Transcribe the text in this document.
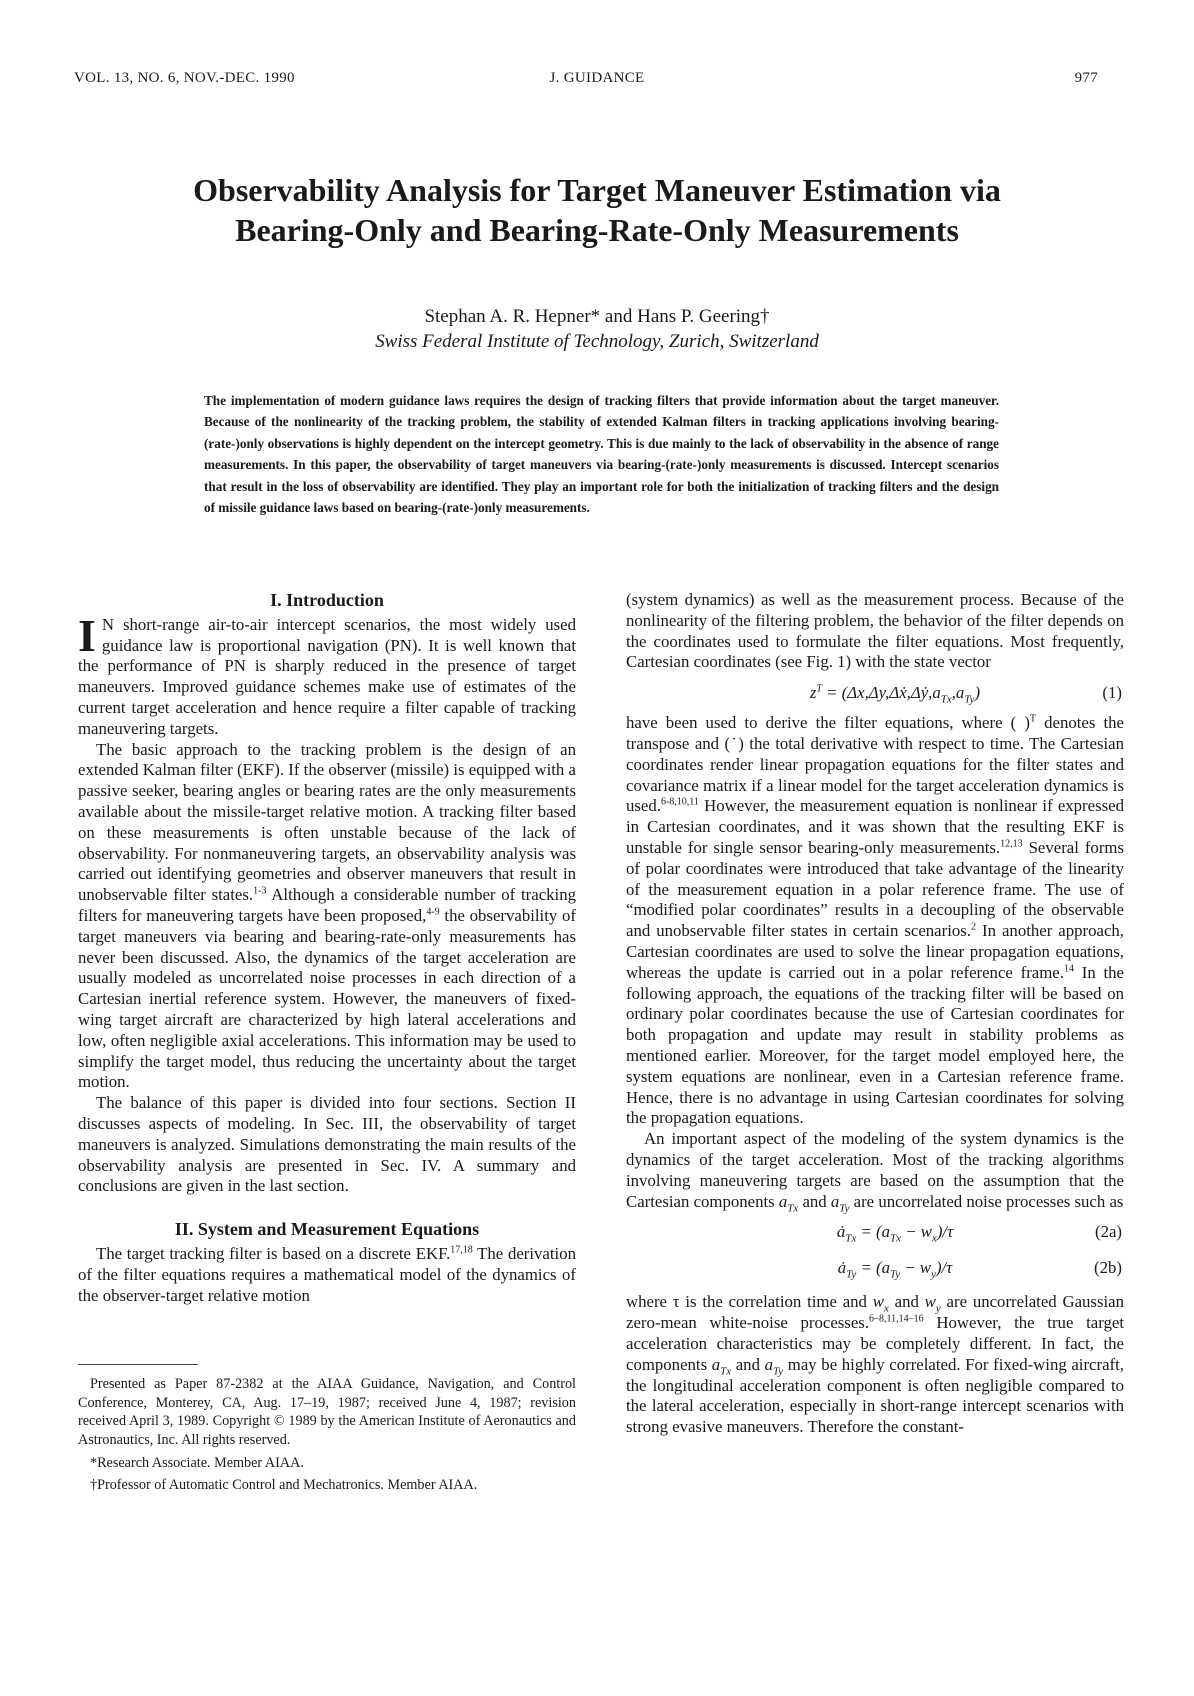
VOL. 13, NO. 6, NOV.-DEC. 1990	J. GUIDANCE	977
Observability Analysis for Target Maneuver Estimation via
Bearing-Only and Bearing-Rate-Only Measurements
Stephan A. R. Hepner* and Hans P. Geering†
Swiss Federal Institute of Technology, Zurich, Switzerland
The implementation of modern guidance laws requires the design of tracking filters that provide information about the target maneuver. Because of the nonlinearity of the tracking problem, the stability of extended Kalman filters in tracking applications involving bearing-(rate-)only observations is highly dependent on the intercept geometry. This is due mainly to the lack of observability in the absence of range measurements. In this paper, the observability of target maneuvers via bearing-(rate-)only measurements is discussed. Intercept scenarios that result in the loss of observability are identified. They play an important role for both the initialization of tracking filters and the design of missile guidance laws based on bearing-(rate-)only measurements.
I. Introduction

I N short-range air-to-air intercept scenarios, the most widely used guidance law is proportional navigation (PN). It is well known that the performance of PN is sharply reduced in the presence of target maneuvers. Improved guidance schemes make use of estimates of the current target acceleration and hence require a filter capable of tracking maneuvering targets.

The basic approach to the tracking problem is the design of an extended Kalman filter (EKF). If the observer (missile) is equipped with a passive seeker, bearing angles or bearing rates are the only measurements available about the missile-target relative motion. A tracking filter based on these measurements is often unstable because of the lack of observability. For nonmaneuvering targets, an observability analysis was carried out identifying geometries and observer maneuvers that result in unobservable filter states.$^{1-3}$ Although a considerable number of tracking filters for maneuvering targets have been proposed,$^{4-9}$ the observability of target maneuvers via bearing and bearing-rate-only measurements has never been discussed. Also, the dynamics of the target acceleration are usually modeled as uncorrelated noise processes in each direction of a Cartesian inertial reference system. However, the maneuvers of fixed-wing target aircraft are characterized by high lateral accelerations and low, often negligible axial accelerations. This information may be used to simplify the target model, thus reducing the uncertainty about the target motion.

The balance of this paper is divided into four sections. Section II discusses aspects of modeling. In Sec. III, the observability of target maneuvers is analyzed. Simulations demonstrating the main results of the observability analysis are presented in Sec. IV. A summary and conclusions are given in the last section.

II. System and Measurement Equations

The target tracking filter is based on a discrete EKF.$^{17,18}$ The derivation of the filter equations requires a mathematical model of the dynamics of the observer-target relative motion

Presented as Paper 87-2382 at the AIAA Guidance, Navigation, and Control Conference, Monterey, CA, Aug. 17–19, 1987; received June 4, 1987; revision received April 3, 1989. Copyright © 1989 by the American Institute of Aeronautics and Astronautics, Inc. All rights reserved.

*Research Associate. Member AIAA.

†Professor of Automatic Control and Mechatronics. Member AIAA.

(system dynamics) as well as the measurement process. Because of the nonlinearity of the filtering problem, the behavior of the filter depends on the coordinates used to formulate the filter equations. Most frequently, Cartesian coordinates (see Fig. 1) with the state vector

$z^T$ = $(\Delta x,\Delta y,\Delta ẋ,\Delta ẏ,a_{Tx},a_{Ty})$	(1)

have been used to derive the filter equations, where ( )$^T$ denotes the transpose and (˙) the total derivative with respect to time. The Cartesian coordinates render linear propagation equations for the filter states and covariance matrix if a linear model for the target acceleration dynamics is used.$^{6-8,10,11}$ However, the measurement equation is nonlinear if expressed in Cartesian coordinates, and it was shown that the resulting EKF is unstable for single sensor bearing-only measurements.$^{12,13}$ Several forms of polar coordinates were introduced that take advantage of the linearity of the measurement equation in a polar reference frame. The use of “modified polar coordinates” results in a decoupling of the observable and unobservable filter states in certain scenarios.$^2$ In another approach, Cartesian coordinates are used to solve the linear propagation equations, whereas the update is carried out in a polar reference frame.$^{14}$ In the following approach, the equations of the tracking filter will be based on ordinary polar coordinates because the use of Cartesian coordinates for both propagation and update may result in stability problems as mentioned earlier. Moreover, for the target model employed here, the system equations are nonlinear, even in a Cartesian reference frame. Hence, there is no advantage in using Cartesian coordinates for solving the propagation equations.

An important aspect of the modeling of the system dynamics is the dynamics of the target acceleration. Most of the tracking algorithms involving maneuvering targets are based on the assumption that the Cartesian components $a_{Tx}$ and $a_{Ty}$ are uncorrelated noise processes such as

$ȧ_{Tx} = (a_{Tx} - w_x)/\tau$	(2a)
$ȧ_{Ty} = (a_{Ty} - w_y)/\tau$	(2b)

where τ is the correlation time and $w_x$ and $w_y$ are uncorrelated Gaussian zero-mean white-noise processes.$^{6-8,11,14-16}$ However, the true target acceleration characteristics may be completely different. In fact, the components $a_{Tx}$ and $a_{Ty}$ may be highly correlated. For fixed-wing aircraft, the longitudinal acceleration component is often negligible compared to the lateral acceleration, especially in short-range intercept scenarios with strong evasive maneuvers. Therefore the constant-
